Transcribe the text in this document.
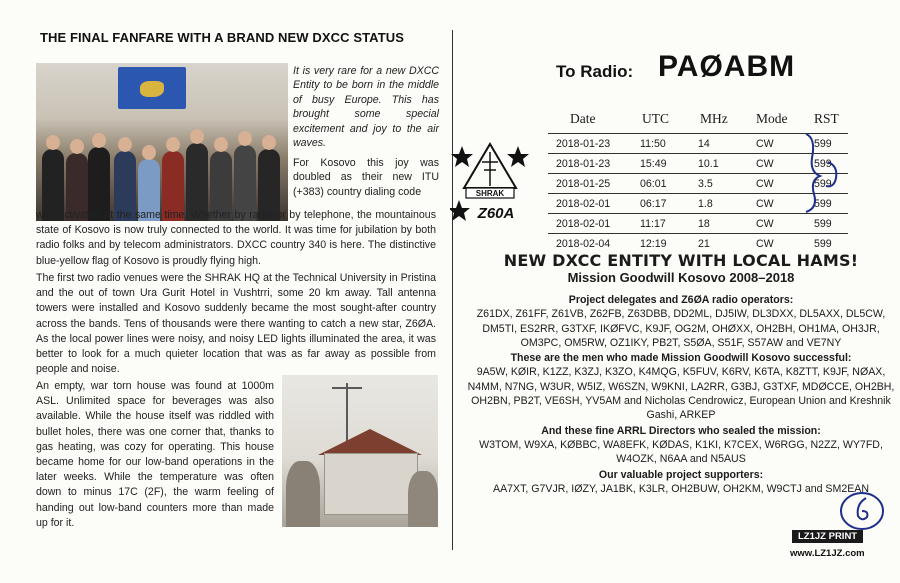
THE FINAL FANFARE WITH A BRAND NEW DXCC STATUS

It is very rare for a new DXCC Entity to be born in the middle of busy Europe. This has brought some special excitement and joy to the air waves.

For Kosovo this joy was doubled as their new ITU (+383) country dialing code

was activated at the same time. Whether by radio or by telephone, the mountainous state of Kosovo is now truly connected to the world. It was time for jubilation by both radio folks and by telecom administrators. DXCC country 340 is here. The distinctive blue-yellow flag of Kosovo is proudly flying high.

The first two radio venues were the SHRAK HQ at the Technical University in Pristina and the out of town Ura Gurit Hotel in Vushtrri, some 20 km away. Tall antenna towers were installed and Kosovo suddenly became the most sought-after country across the bands. Tens of thousands were there wanting to catch a new star, Z6ØA. As the local power lines were noisy, and noisy LED lights illuminated the area, it was better to look for a much quieter location that was as far away as possible from people and noise.

An empty, war torn house was found at 1000m ASL. Unlimited space for beverages was also available. While the house itself was riddled with bullet holes, there was one corner that, thanks to gas heating, was cozy for operating. This house became home for our low-band operations in the later weeks. While the temperature was often down to minus 17C (2F), the warm feeling of handing out low-band counters more than made up for it.

To Radio: PAØABM
SHRAK
Z60A
Date	UTC	MHz	Mode	RST
2018-01-23	11:50	14	CW	599
2018-01-23	15:49	10.1	CW	599
2018-01-25	06:01	3.5	CW	599
2018-02-01	06:17	1.8	CW	599
2018-02-01	11:17	18	CW	599
2018-02-04	12:19	21	CW	599
NEW DXCC ENTITY WITH LOCAL HAMS!
Mission Goodwill Kosovo 2008–2018
Project delegates and Z6ØA radio operators:
Z61DX, Z61FF, Z61VB, Z62FB, Z63DBB, DD2ML, DJ5IW, DL3DXX, DL5AXX, DL5CW, DM5TI, ES2RR, G3TXF, IKØFVC, K9JF, OG2M, OHØXX, OH2BH, OH1MA, OH3JR, OM3PC, OM5RW, OZ1IKY, PB2T, S5ØA, S51F, S57AW and VE7NY
These are the men who made Mission Goodwill Kosovo successful:
9A5W, KØIR, K1ZZ, K3ZJ, K3ZO, K4MQG, K5FUV, K6RV, K6TA, K8ZTT, K9JF, NØAX, N4MM, N7NG, W3UR, W5IZ, W6SZN, W9KNI, LA2RR, G3BJ, G3TXF, MDØCCE, OH2BH, OH2BN, PB2T, VE6SH, YV5AM and Nicholas Cendrowicz, European Union and Kreshnik Gashi, ARKEP
And these fine ARRL Directors who sealed the mission:
W3TOM, W9XA, KØBBC, WA8EFK, KØDAS, K1KI, K7CEX, W6RGG, N2ZZ, WY7FD, W4OZK, N6AA and N5AUS
Our valuable project supporters:
AA7XT, G7VJR, IØZY, JA1BK, K3LR, OH2BUW, OH2KM, W9CTJ and SM2EAN
LZ1JZ PRINT
www.LZ1JZ.com
